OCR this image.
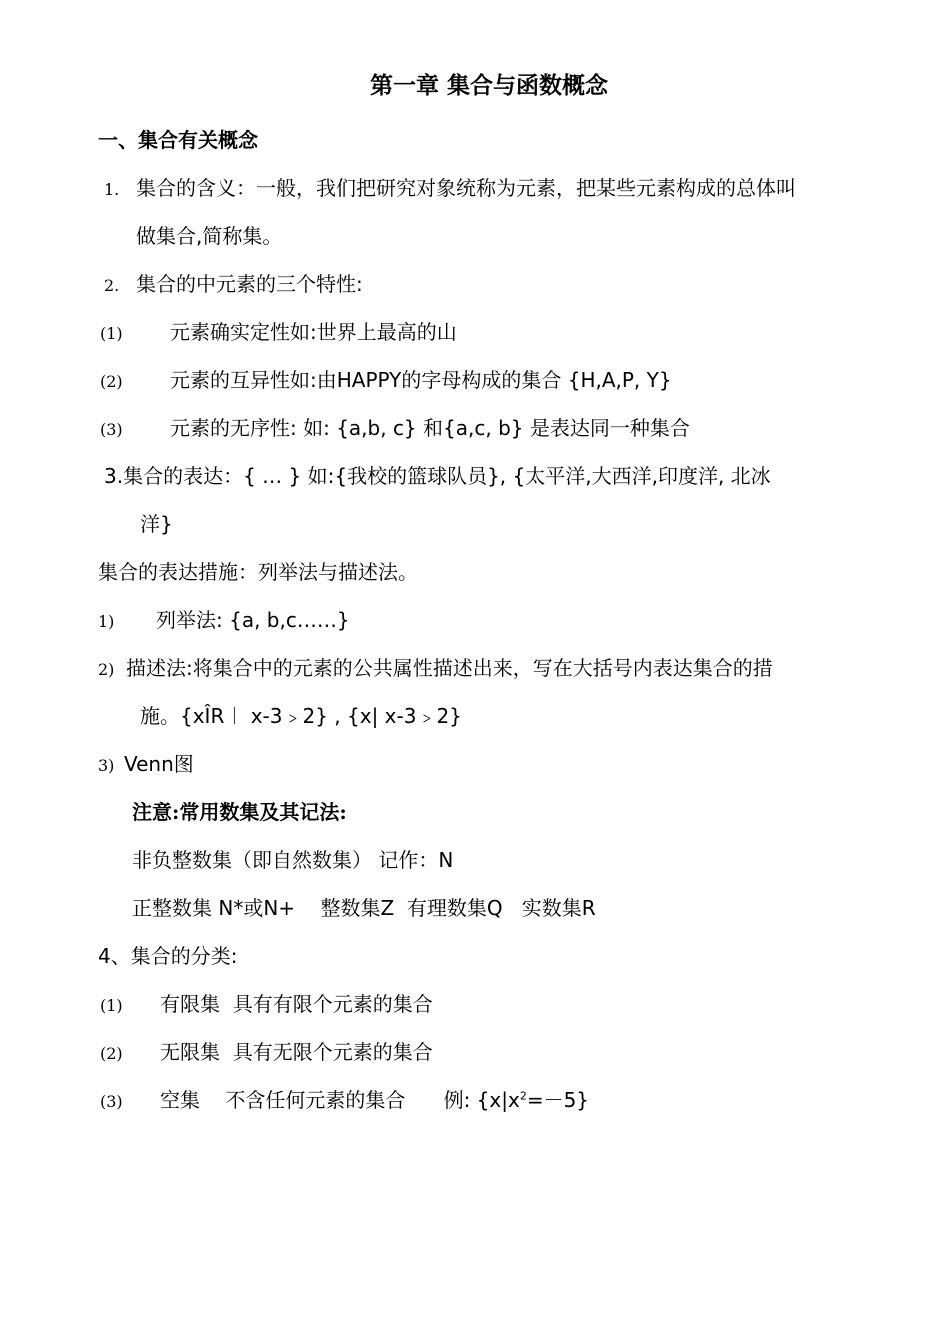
第一章 集合与函数概念
一、集合有关概念
1. 集合的含义：一般，我们把研究对象统称为元素，把某些元素构成的总体叫
做集合,简称集。
2. 集合的中元素的三个特性:
(1) 元素确实定性如:世界上最高的山
(2) 元素的互异性如:由HAPPY的字母构成的集合 {H,A,P, Y}
(3) 元素的无序性: 如: {a,b, c} 和{a,c, b} 是表达同一种集合
3.集合的表达：{ … } 如:{我校的篮球队员}, {太平洋,大西洋,印度洋, 北冰
洋}
集合的表达措施：列举法与描述法。
1) 列举法: {a, b,c……}
2) 描述法:将集合中的元素的公共属性描述出来，写在大括号内表达集合的措
施。{xÎR︱ x-3﹥2} , {x| x-3﹥2}
3) Venn图
注意:常用数集及其记法:
非负整数集（即自然数集） 记作：N
正整数集 N*或N+    整数集Z  有理数集Q   实数集R
4、集合的分类:
(1) 有限集  具有有限个元素的集合
(2) 无限集  具有无限个元素的集合
(3) 空集    不含任何元素的集合      例: $\{x|x^2=-5\}$
